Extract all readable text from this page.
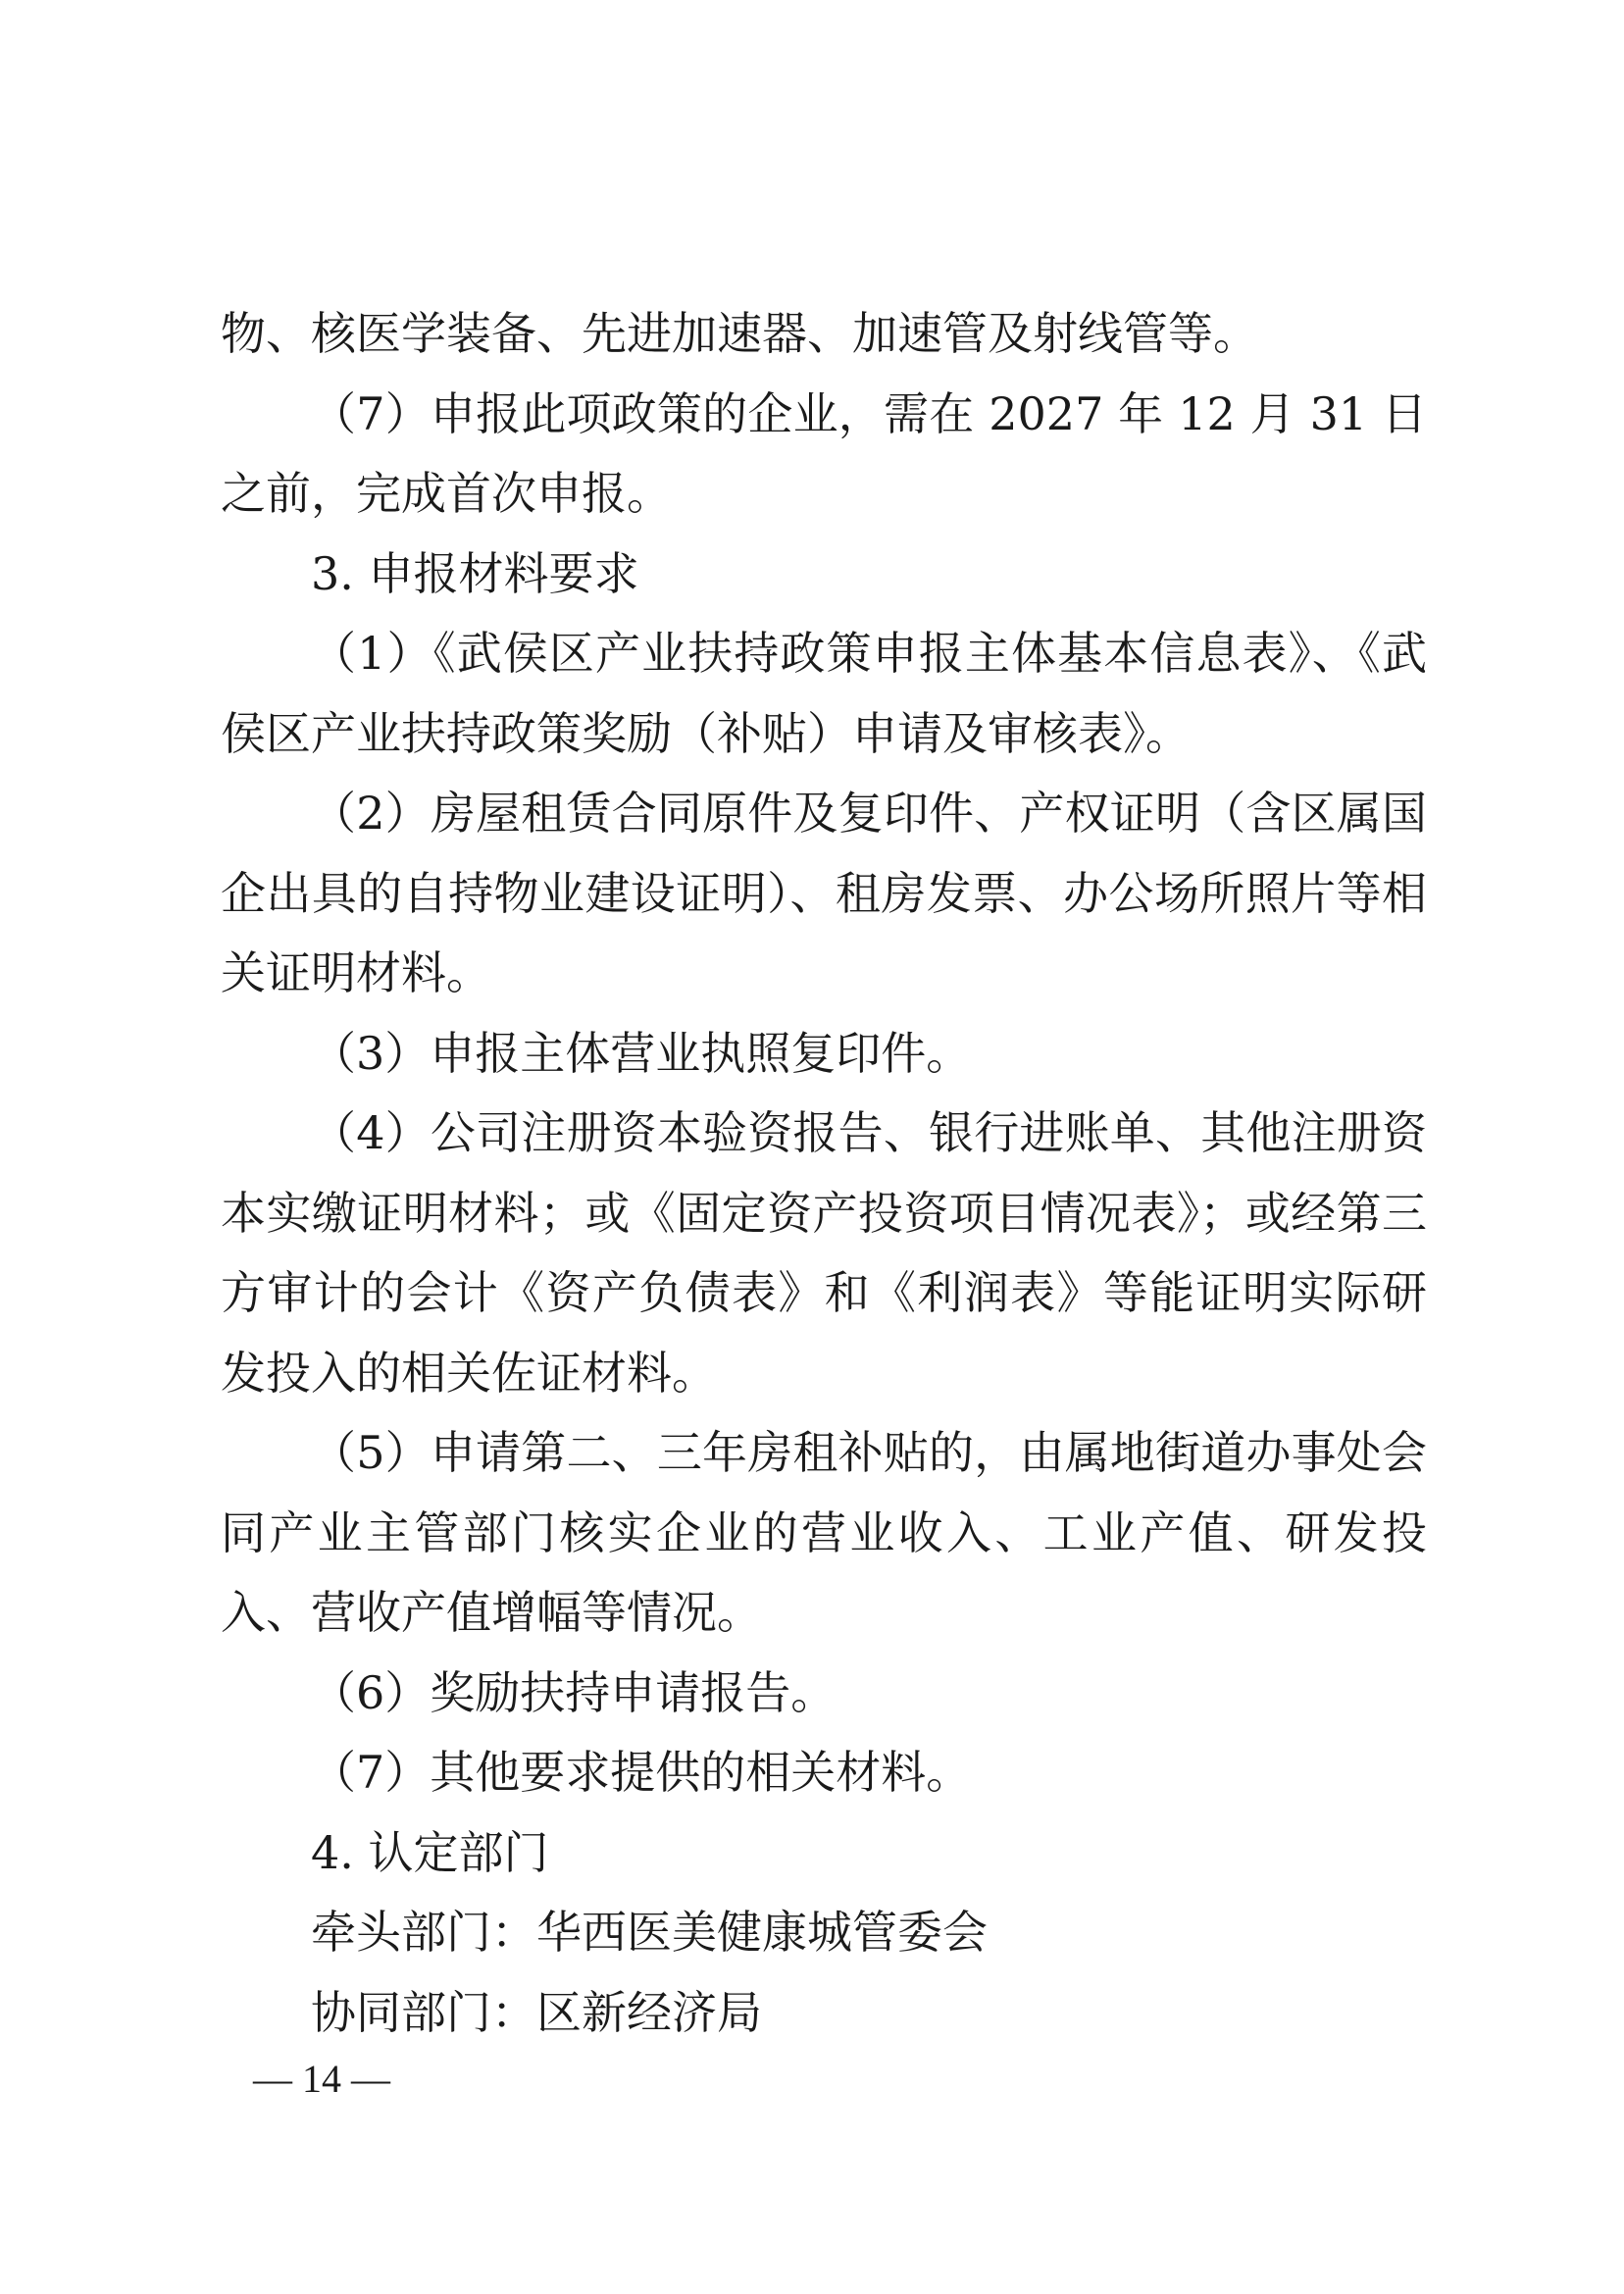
物、核医学装备、先进加速器、加速管及射线管等。

（7）申报此项政策的企业，需在 2027 年 12 月 31 日之前，完成首次申报。

3. 申报材料要求

（1）《武侯区产业扶持政策申报主体基本信息表》、《武侯区产业扶持政策奖励（补贴）申请及审核表》。

（2）房屋租赁合同原件及复印件、产权证明（含区属国企出具的自持物业建设证明）、租房发票、办公场所照片等相关证明材料。

（3）申报主体营业执照复印件。

（4）公司注册资本验资报告、银行进账单、其他注册资本实缴证明材料；或《固定资产投资项目情况表》；或经第三方审计的会计《资产负债表》和《利润表》等能证明实际研发投入的相关佐证材料。

（5）申请第二、三年房租补贴的，由属地街道办事处会同产业主管部门核实企业的营业收入、工业产值、研发投入、营收产值增幅等情况。

（6）奖励扶持申请报告。

（7）其他要求提供的相关材料。

4. 认定部门

牵头部门：华西医美健康城管委会

协同部门：区新经济局

— 14 —
